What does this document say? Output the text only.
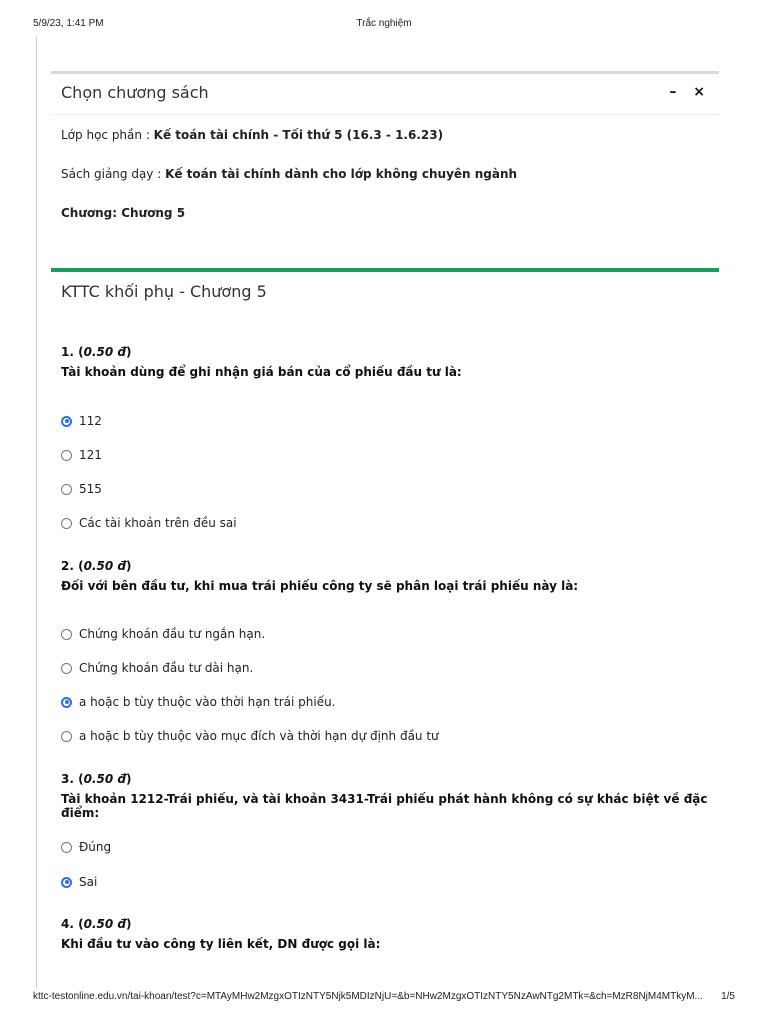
5/9/23, 1:41 PM	Trắc nghiệm
Chọn chương sách	– ×
Lớp học phần : Kế toán tài chính - Tối thứ 5 (16.3 - 1.6.23)
Sách giảng dạy : Kế toán tài chính dành cho lớp không chuyên ngành
Chương: Chương 5
KTTC khối phụ - Chương 5
1. (0.50 đ)
Tài khoản dùng để ghi nhận giá bán của cổ phiếu đầu tư là:
112
121
515
Các tài khoản trên đều sai
2. (0.50 đ)
Đối với bên đầu tư, khi mua trái phiếu công ty sẽ phân loại trái phiếu này là:
Chứng khoán đầu tư ngắn hạn.
Chứng khoán đầu tư dài hạn.
a hoặc b tùy thuộc vào thời hạn trái phiếu.
a hoặc b tùy thuộc vào mục đích và thời hạn dự định đầu tư
3. (0.50 đ)
Tài khoản 1212-Trái phiếu, và tài khoản 3431-Trái phiếu phát hành không có sự khác biệt về đặc điểm:
Đúng
Sai
4. (0.50 đ)
Khi đầu tư vào công ty liên kết, DN được gọi là:
kttc-testonline.edu.vn/tai-khoan/test?c=MTAyMHw2MzgxOTIzNTY5Njk5MDIzNjU=&b=NHw2MzgxOTIzNTY5NzAwNTg2MTk=&ch=MzR8NjM4MTkyM...	1/5
